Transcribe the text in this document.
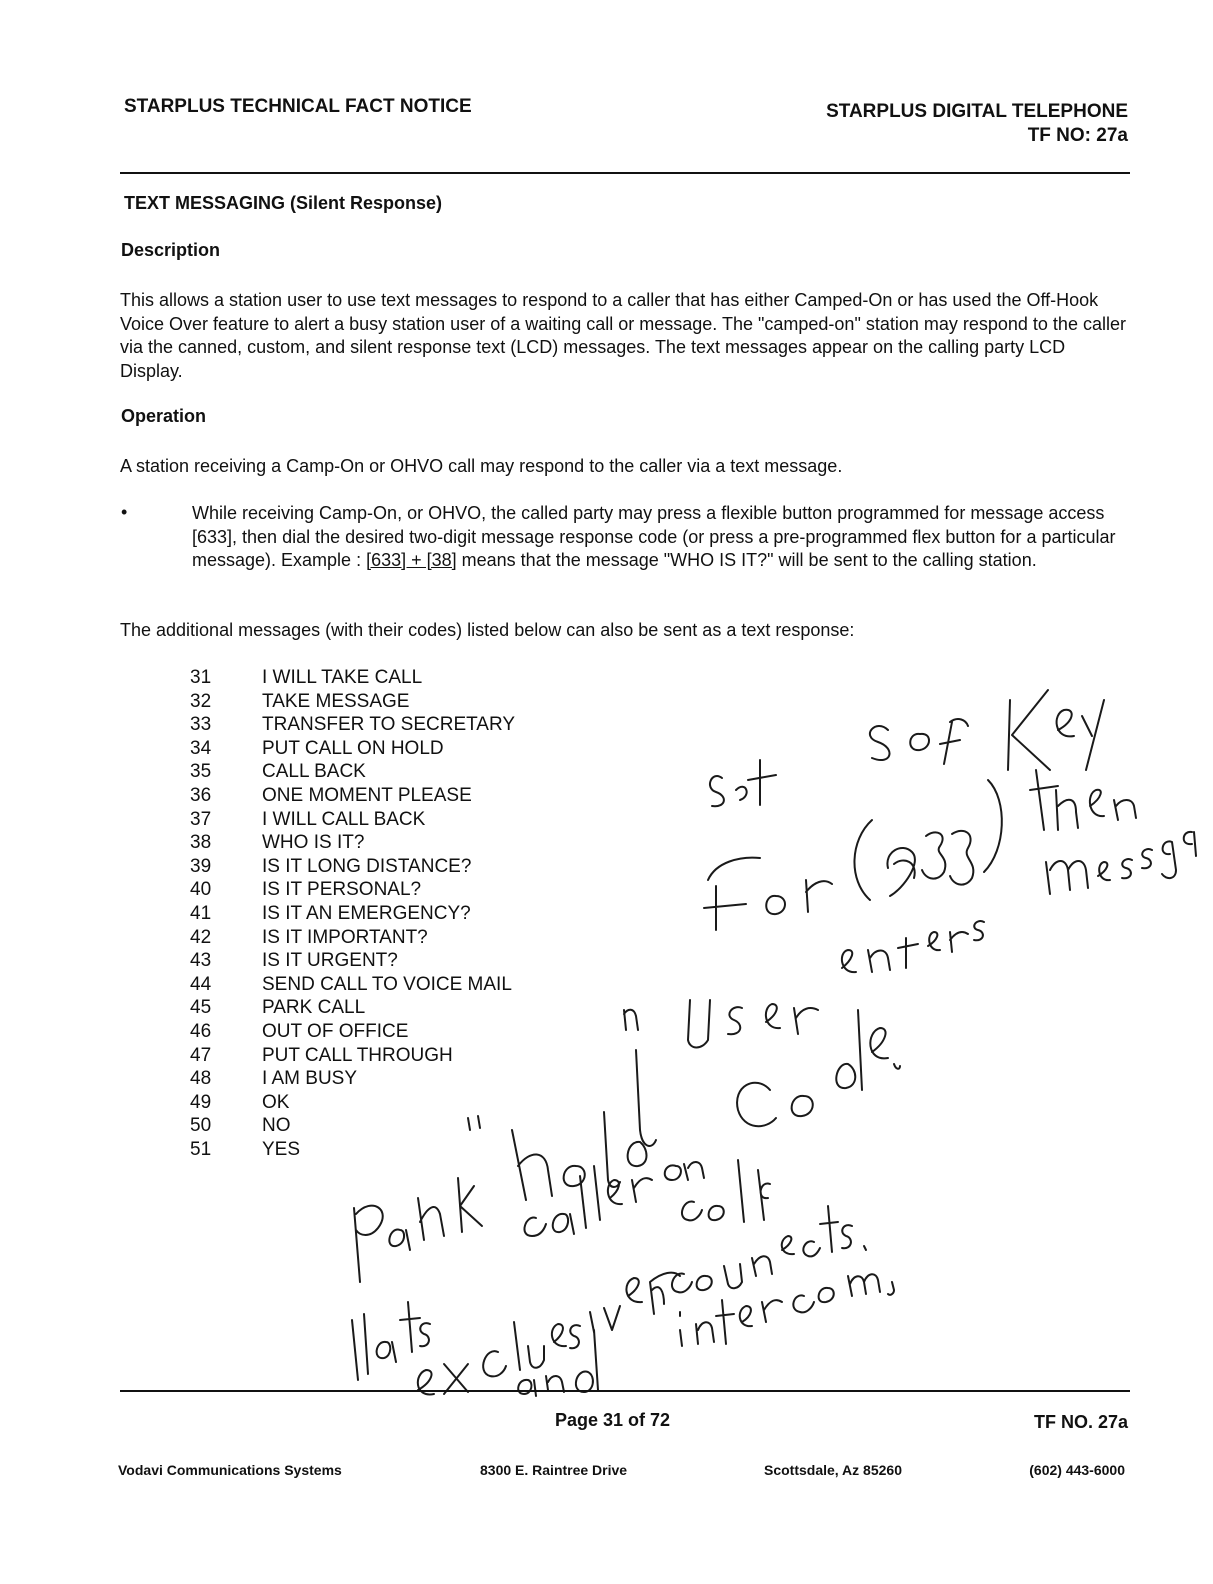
STARPLUS TECHNICAL FACT NOTICE	STARPLUS DIGITAL TELEPHONE
TF NO: 27a
TEXT MESSAGING (Silent Response)
Description
This allows a station user to use text messages to respond to a caller that has either Camped-On or has used the Off-Hook Voice Over feature to alert a busy station user of a waiting call or message. The "camped-on" station may respond to the caller via the canned, custom, and silent response text (LCD) messages. The text messages appear on the calling party LCD Display.
Operation
A station receiving a Camp-On or OHVO call may respond to the caller via a text message.
•	While receiving Camp-On, or OHVO, the called party may press a flexible button programmed for message access [633], then dial the desired two-digit message response code (or press a pre-programmed flex button for a particular message). Example : [633] + [38] means that the message "WHO IS IT?" will be sent to the calling station.
The additional messages (with their codes) listed below can also be sent as a text response:
31	I WILL TAKE CALL
32	TAKE MESSAGE
33	TRANSFER TO SECRETARY
34	PUT CALL ON HOLD
35	CALL BACK
36	ONE MOMENT PLEASE
37	I WILL CALL BACK
38	WHO IS IT?
39	IS IT LONG DISTANCE?
40	IS IT PERSONAL?
41	IS IT AN EMERGENCY?
42	IS IT IMPORTANT?
43	IS IT URGENT?
44	SEND CALL TO VOICE MAIL
45	PARK CALL
46	OUT OF OFFICE
47	PUT CALL THROUGH
48	I AM BUSY
49	OK
50	NO
51	YES
Page 31 of 72	TF NO. 27a
Vodavi Communications Systems	8300 E. Raintree Drive	Scottsdale, Az 85260	(602) 443-6000
